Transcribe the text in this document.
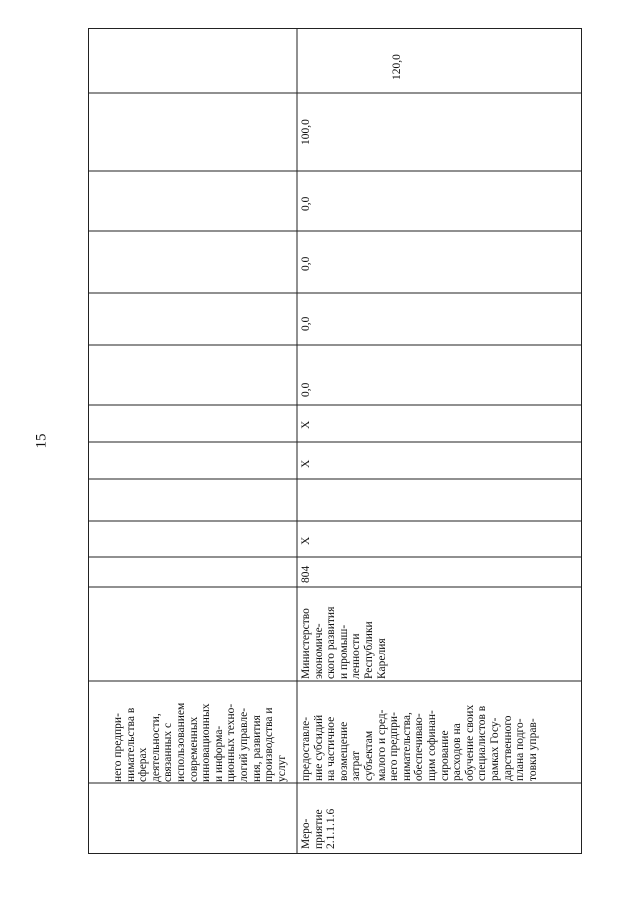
15
него предпри-
нимательства в
сферах
деятельности,
связанных с
использованием
современных
инновационных
и информа-
ционных техно-
логий управле-
ния, развития
производства и
услуг
Меро-
приятие
2.1.1.1.6
предоставле-
ние субсидий
на частичное
возмещение
затрат
субъектам
малого и сред-
него предпри-
нимательства,
обеспечиваю-
щим софинан-
сирование
расходов на
обучение своих
специалистов в
рамках Госу-
дарственного
плана подго-
товки управ-
Министерство
экономиче-
ского развития
и промыш-
ленности
Республики
Карелия
804
Х
Х
Х
0,0
0,0
0,0
0,0
100,0
120,0
